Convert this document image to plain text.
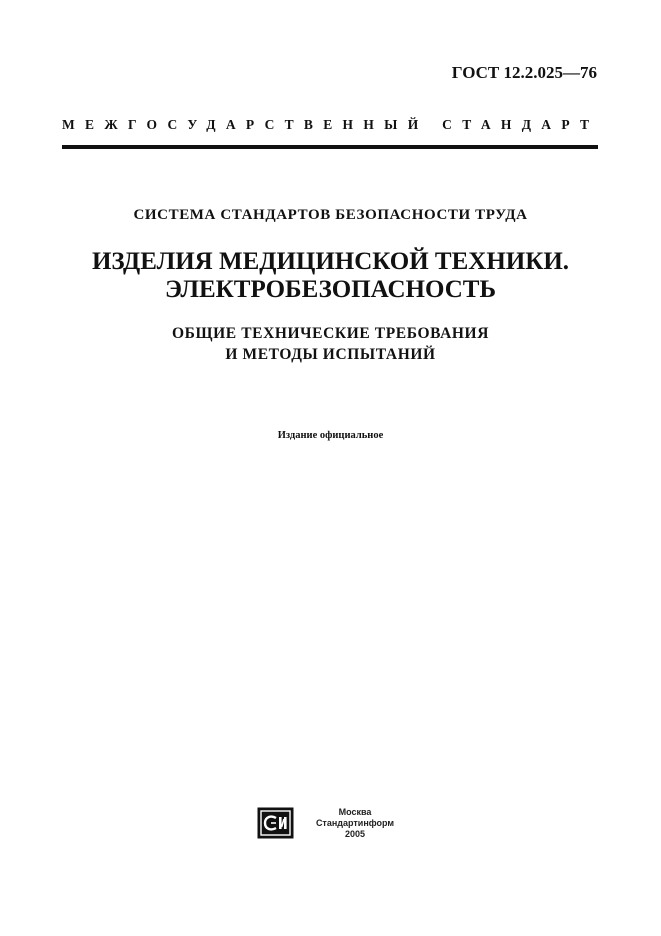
ГОСТ 12.2.025—76
МЕЖГОСУДАРСТВЕННЫЙ СТАНДАРТ
СИСТЕМА СТАНДАРТОВ БЕЗОПАСНОСТИ ТРУДА
ИЗДЕЛИЯ МЕДИЦИНСКОЙ ТЕХНИКИ.
ЭЛЕКТРОБЕЗОПАСНОСТЬ
ОБЩИЕ ТЕХНИЧЕСКИЕ ТРЕБОВАНИЯ
И МЕТОДЫ ИСПЫТАНИЙ
Издание официальное
Москва
Стандартинформ
2005
